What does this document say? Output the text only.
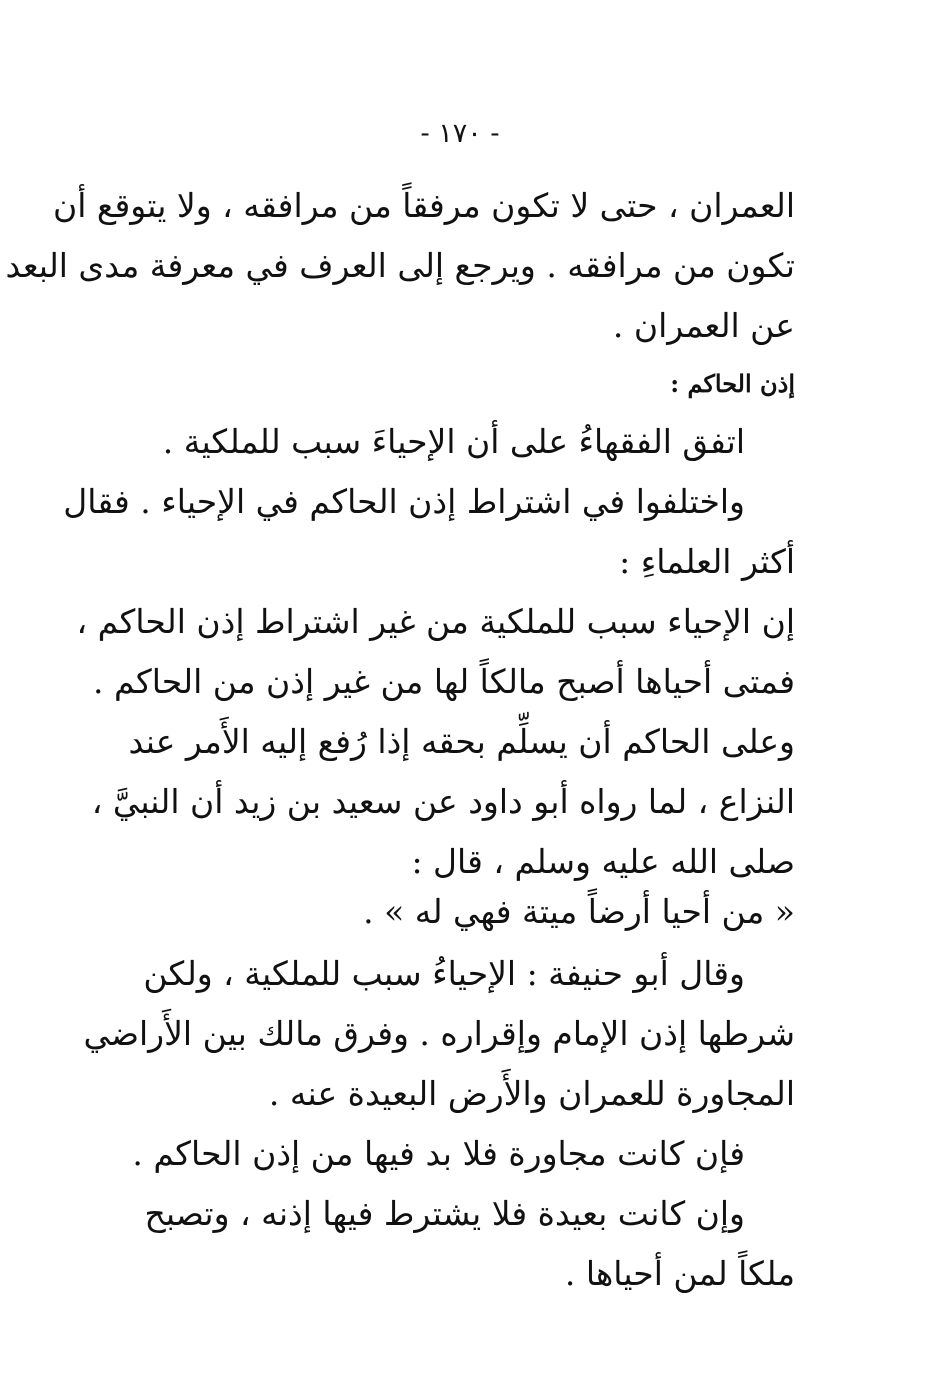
- ١٧٠ -
العمران ، حتى لا تكون مرفقاً من مرافقه ، ولا يتوقع أن
تكون من مرافقه . ويرجع إلى العرف في معرفة مدى البعد
عن العمران .
إذن الحاكم :
اتفق الفقهاءُ على أن الإحياءَ سبب للملكية .
واختلفوا في اشتراط إذن الحاكم في الإحياء . فقال
أكثر العلماءِ :
إن الإحياء سبب للملكية من غير اشتراط إذن الحاكم ،
فمتى أحياها أصبح مالكاً لها من غير إذن من الحاكم .
وعلى الحاكم أن يسلِّم بحقه إذا رُفع إليه الأَمر عند
النزاع ، لما رواه أبو داود عن سعيد بن زيد أن النبيَّ ،
صلى الله عليه وسلم ، قال :
« من أحيا أرضاً ميتة فهي له » .
وقال أبو حنيفة : الإحياءُ سبب للملكية ، ولكن
شرطها إذن الإمام وإقراره . وفرق مالك بين الأَراضي
المجاورة للعمران والأَرض البعيدة عنه .
فإن كانت مجاورة فلا بد فيها من إذن الحاكم .
وإن كانت بعيدة فلا يشترط فيها إذنه ، وتصبح
ملكاً لمن أحياها .
